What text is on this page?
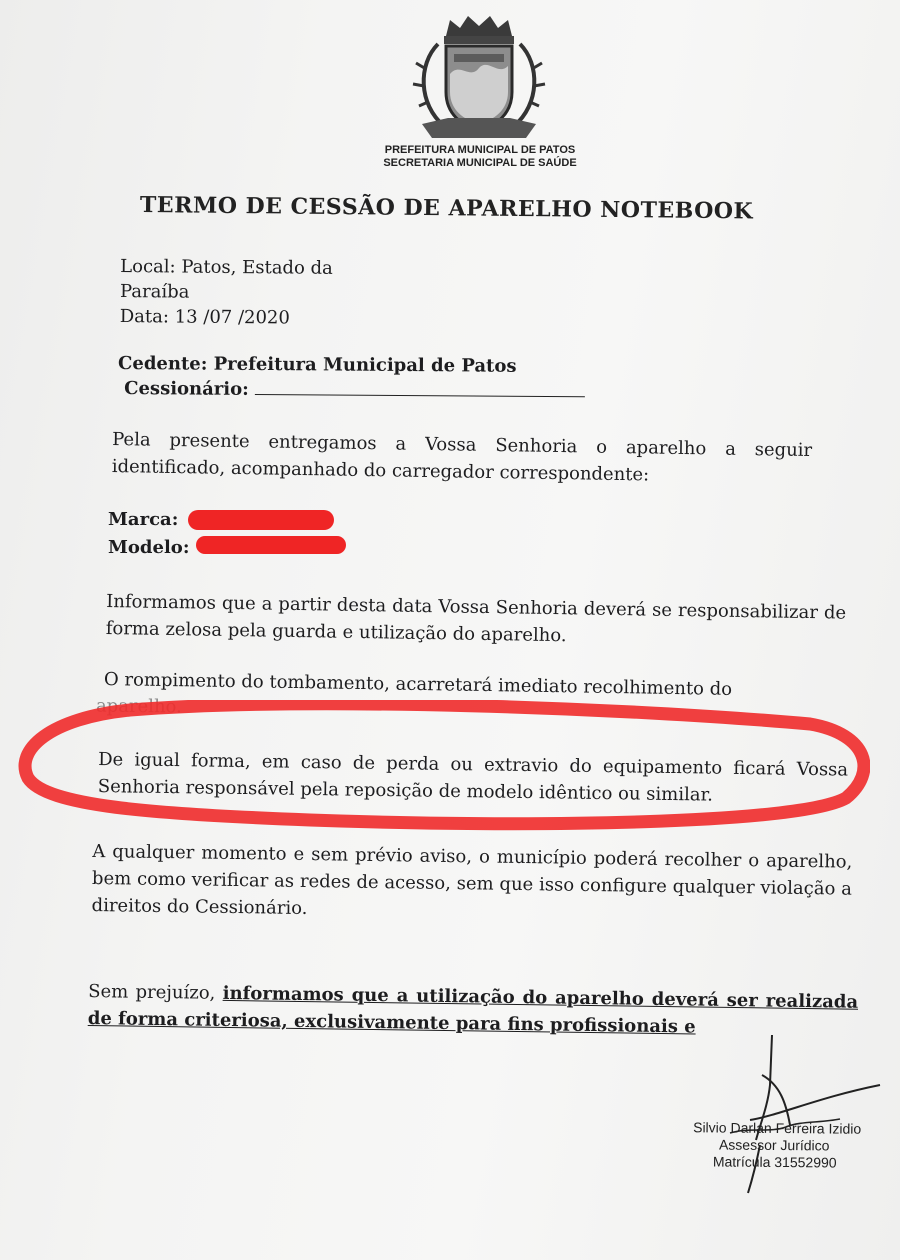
PREFEITURA MUNICIPAL DE PATOS
SECRETARIA MUNICIPAL DE SAÚDE
TERMO DE CESSÃO DE APARELHO NOTEBOOK
Local: Patos, Estado da
Paraíba
Data: 13 /07 /2020
Cedente: Prefeitura Municipal de Patos
Cessionário:
Pela presente entregamos a Vossa Senhoria o aparelho a seguir identificado, acompanhado do carregador correspondente:
Marca:
Modelo:
Informamos que a partir desta data Vossa Senhoria deverá se responsabilizar de forma zelosa pela guarda e utilização do aparelho.
O rompimento do tombamento, acarretará imediato recolhimento do
aparelho.
De igual forma, em caso de perda ou extravio do equipamento ficará Vossa Senhoria responsável pela reposição de modelo idêntico ou similar.
A qualquer momento e sem prévio aviso, o município poderá recolher o aparelho, bem como verificar as redes de acesso, sem que isso configure qualquer violação a direitos do Cessionário.
Sem prejuízo, informamos que a utilização do aparelho deverá ser realizada de forma criteriosa, exclusivamente para fins profissionais e
Silvio Darlan Ferreira Izidio
Assessor Jurídico
Matrícula 31552990
